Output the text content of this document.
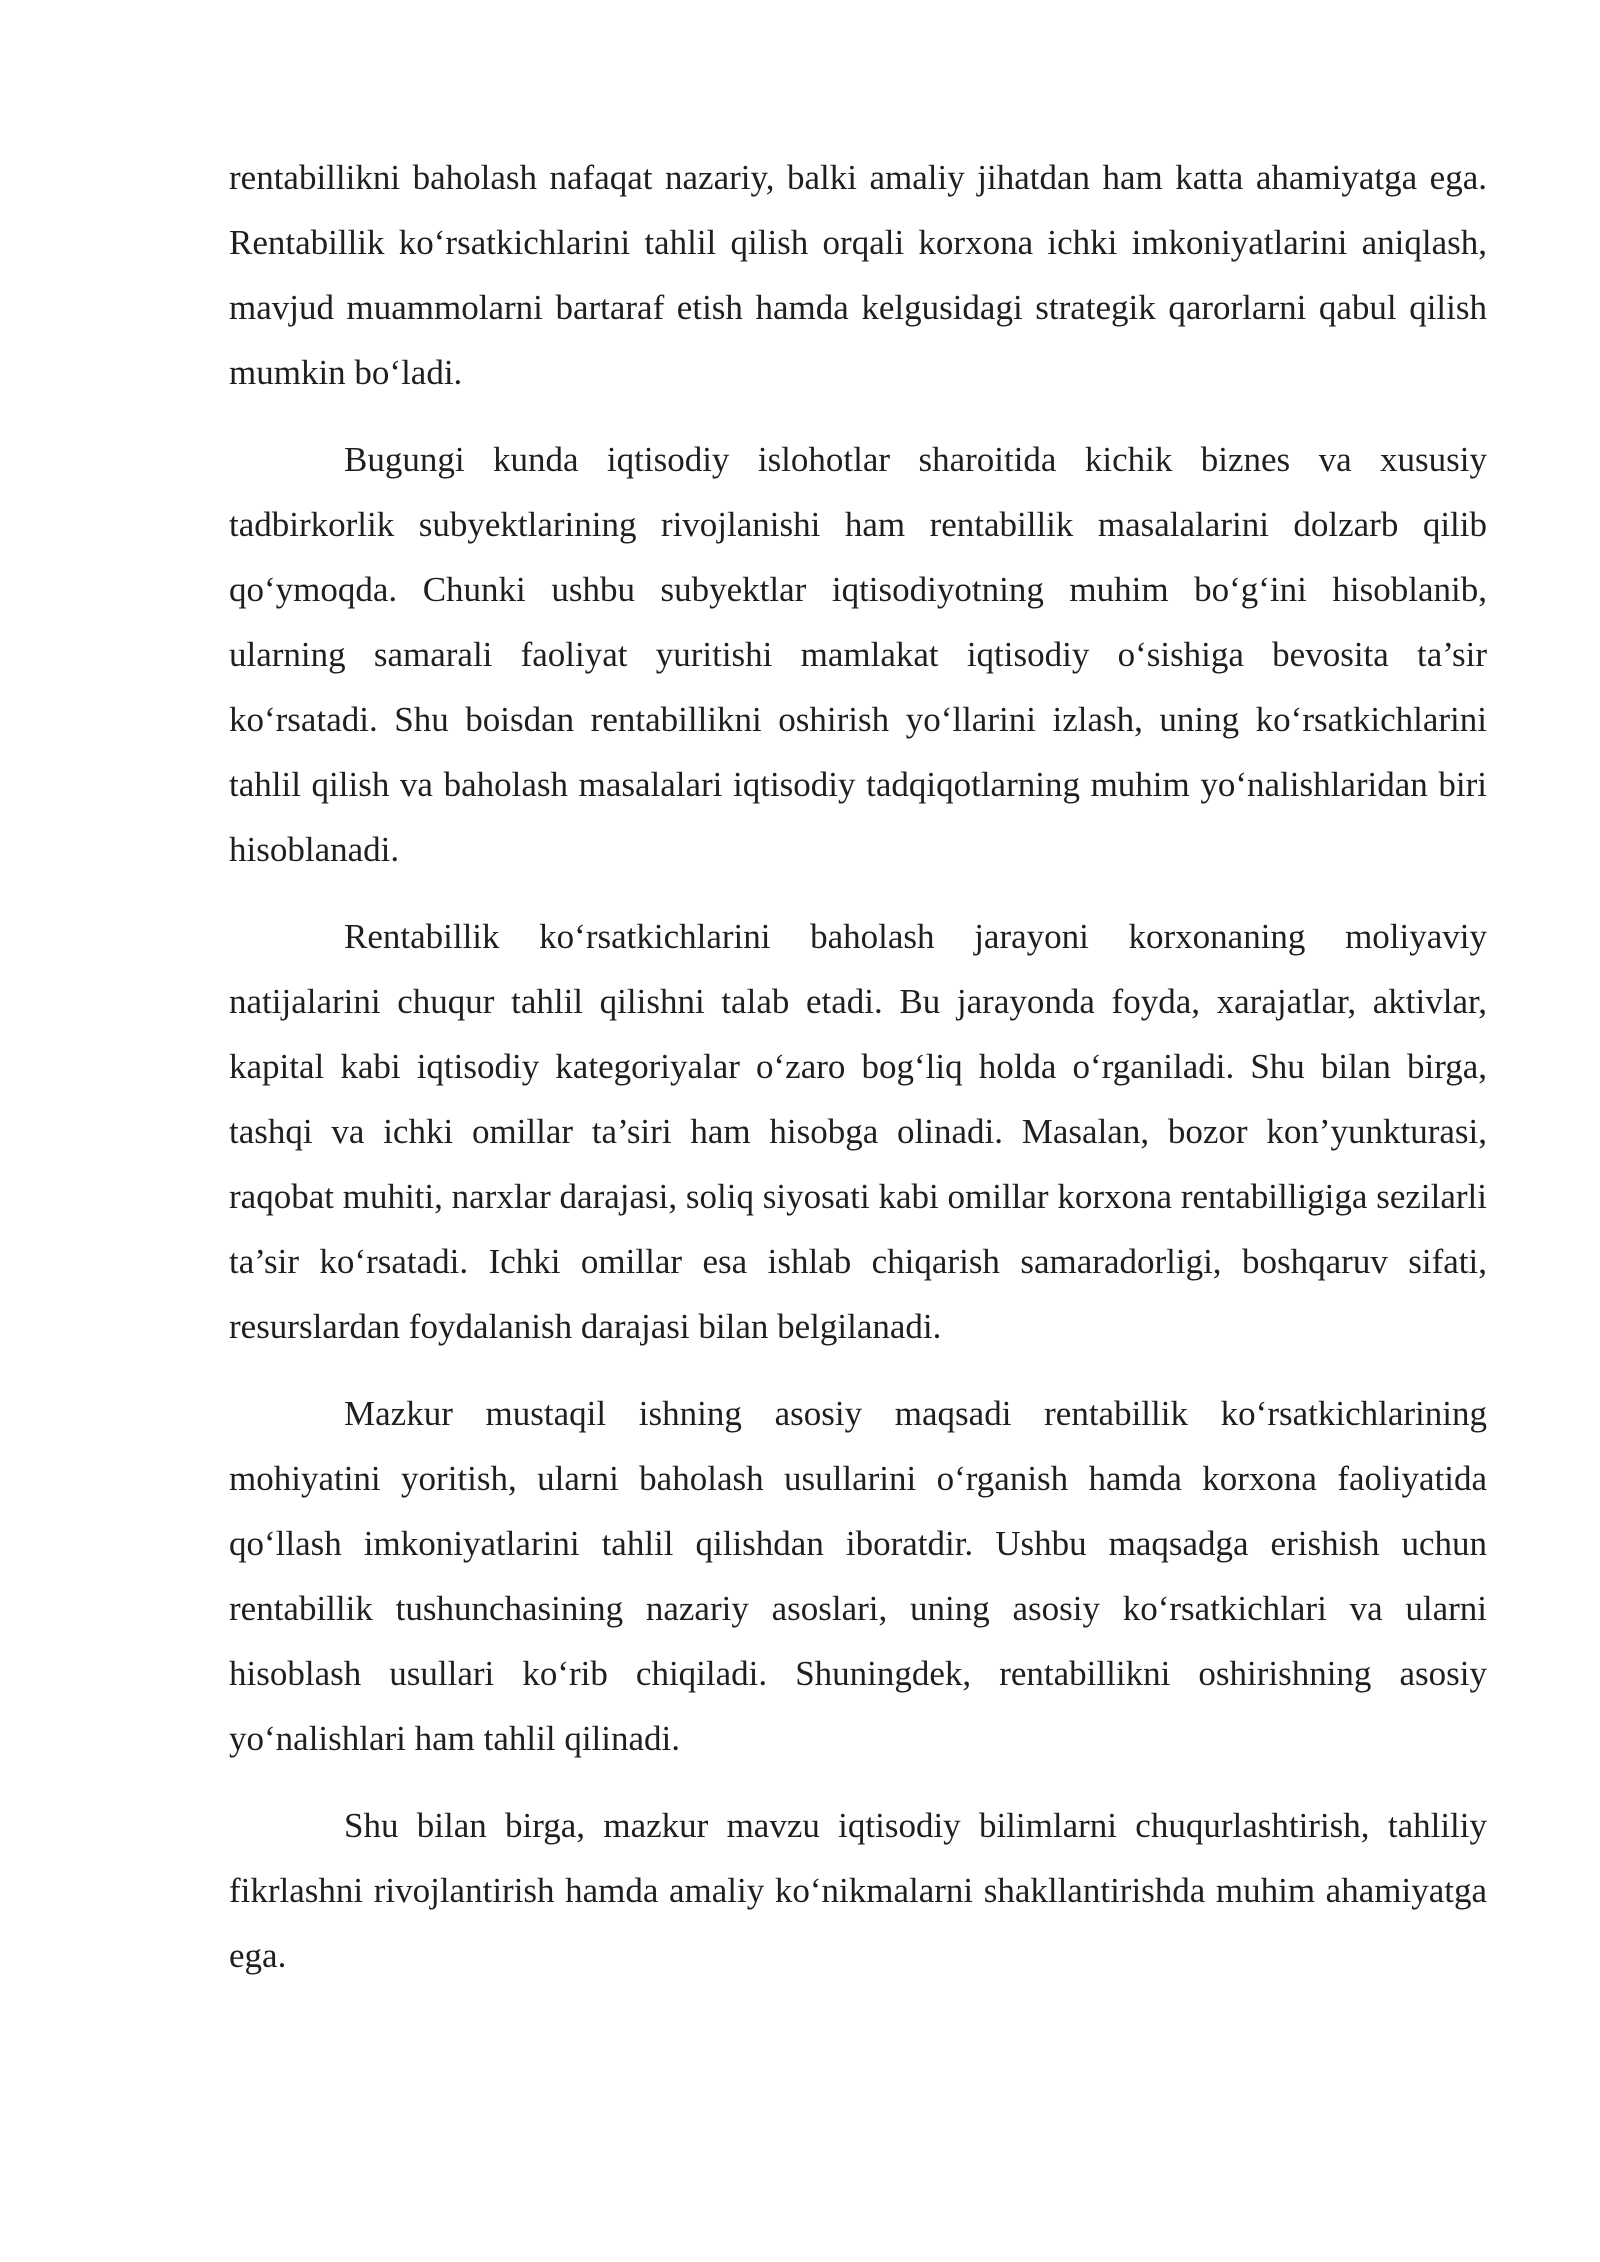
rentabillikni baholash nafaqat nazariy, balki amaliy jihatdan ham katta ahamiyatga ega. Rentabillik koʻrsatkichlarini tahlil qilish orqali korxona ichki imkoniyatlarini aniqlash, mavjud muammolarni bartaraf etish hamda kelgusidagi strategik qarorlarni qabul qilish mumkin boʻladi.

Bugungi kunda iqtisodiy islohotlar sharoitida kichik biznes va xususiy tadbirkorlik subyektlarining rivojlanishi ham rentabillik masalalarini dolzarb qilib qoʻymoqda. Chunki ushbu subyektlar iqtisodiyotning muhim boʻgʻini hisoblanib, ularning samarali faoliyat yuritishi mamlakat iqtisodiy oʻsishiga bevosita ta’sir koʻrsatadi. Shu boisdan rentabillikni oshirish yoʻllarini izlash, uning koʻrsatkichlarini tahlil qilish va baholash masalalari iqtisodiy tadqiqotlarning muhim yoʻnalishlaridan biri hisoblanadi.

Rentabillik koʻrsatkichlarini baholash jarayoni korxonaning moliyaviy natijalarini chuqur tahlil qilishni talab etadi. Bu jarayonda foyda, xarajatlar, aktivlar, kapital kabi iqtisodiy kategoriyalar oʻzaro bogʻliq holda oʻrganiladi. Shu bilan birga, tashqi va ichki omillar ta’siri ham hisobga olinadi. Masalan, bozor kon’yunkturasi, raqobat muhiti, narxlar darajasi, soliq siyosati kabi omillar korxona rentabilligiga sezilarli ta’sir koʻrsatadi. Ichki omillar esa ishlab chiqarish samaradorligi, boshqaruv sifati, resurslardan foydalanish darajasi bilan belgilanadi.

Mazkur mustaqil ishning asosiy maqsadi rentabillik koʻrsatkichlarining mohiyatini yoritish, ularni baholash usullarini oʻrganish hamda korxona faoliyatida qoʻllash imkoniyatlarini tahlil qilishdan iboratdir. Ushbu maqsadga erishish uchun rentabillik tushunchasining nazariy asoslari, uning asosiy koʻrsatkichlari va ularni hisoblash usullari koʻrib chiqiladi. Shuningdek, rentabillikni oshirishning asosiy yoʻnalishlari ham tahlil qilinadi.

Shu bilan birga, mazkur mavzu iqtisodiy bilimlarni chuqurlashtirish, tahliliy fikrlashni rivojlantirish hamda amaliy koʻnikmalarni shakllantirishda muhim ahamiyatga ega.
